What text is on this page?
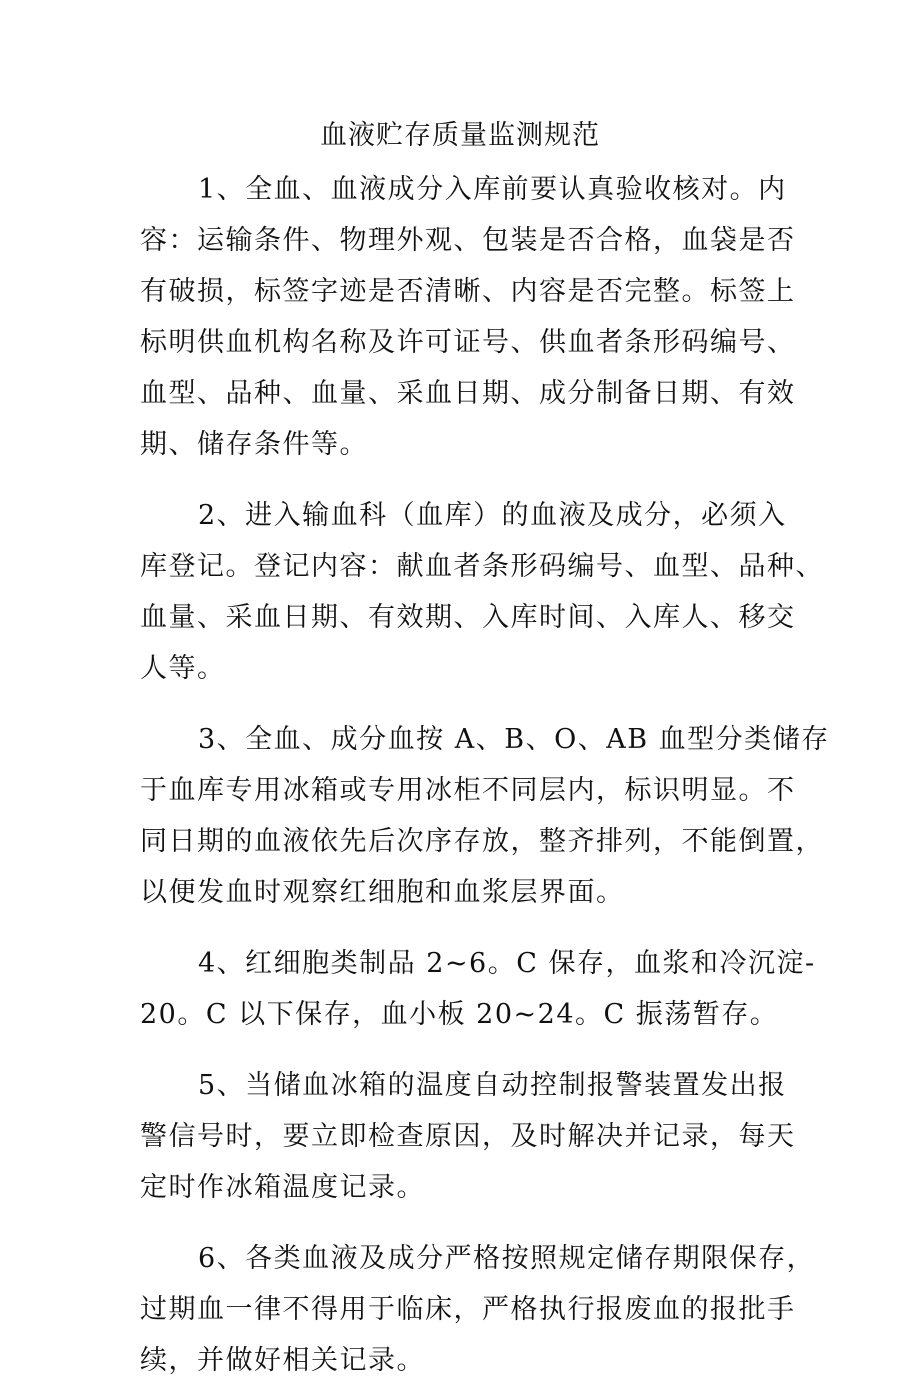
血液贮存质量监测规范

1、全血、血液成分入库前要认真验收核对。内
容：运输条件、物理外观、包装是否合格，血袋是否
有破损，标签字迹是否清晰、内容是否完整。标签上
标明供血机构名称及许可证号、供血者条形码编号、
血型、品种、血量、采血日期、成分制备日期、有效
期、储存条件等。

2、进入输血科（血库）的血液及成分，必须入
库登记。登记内容：献血者条形码编号、血型、品种、
血量、采血日期、有效期、入库时间、入库人、移交
人等。

3、全血、成分血按 A、B、O、AB 血型分类储存
于血库专用冰箱或专用冰柜不同层内，标识明显。不
同日期的血液依先后次序存放，整齐排列，不能倒置，
以便发血时观察红细胞和血浆层界面。

4、红细胞类制品 2~6。C 保存，血浆和冷沉淀-
20。C 以下保存，血小板 20~24。C 振荡暂存。

5、当储血冰箱的温度自动控制报警装置发出报
警信号时，要立即检查原因，及时解决并记录，每天
定时作冰箱温度记录。

6、各类血液及成分严格按照规定储存期限保存，
过期血一律不得用于临床，严格执行报废血的报批手
续，并做好相关记录。
